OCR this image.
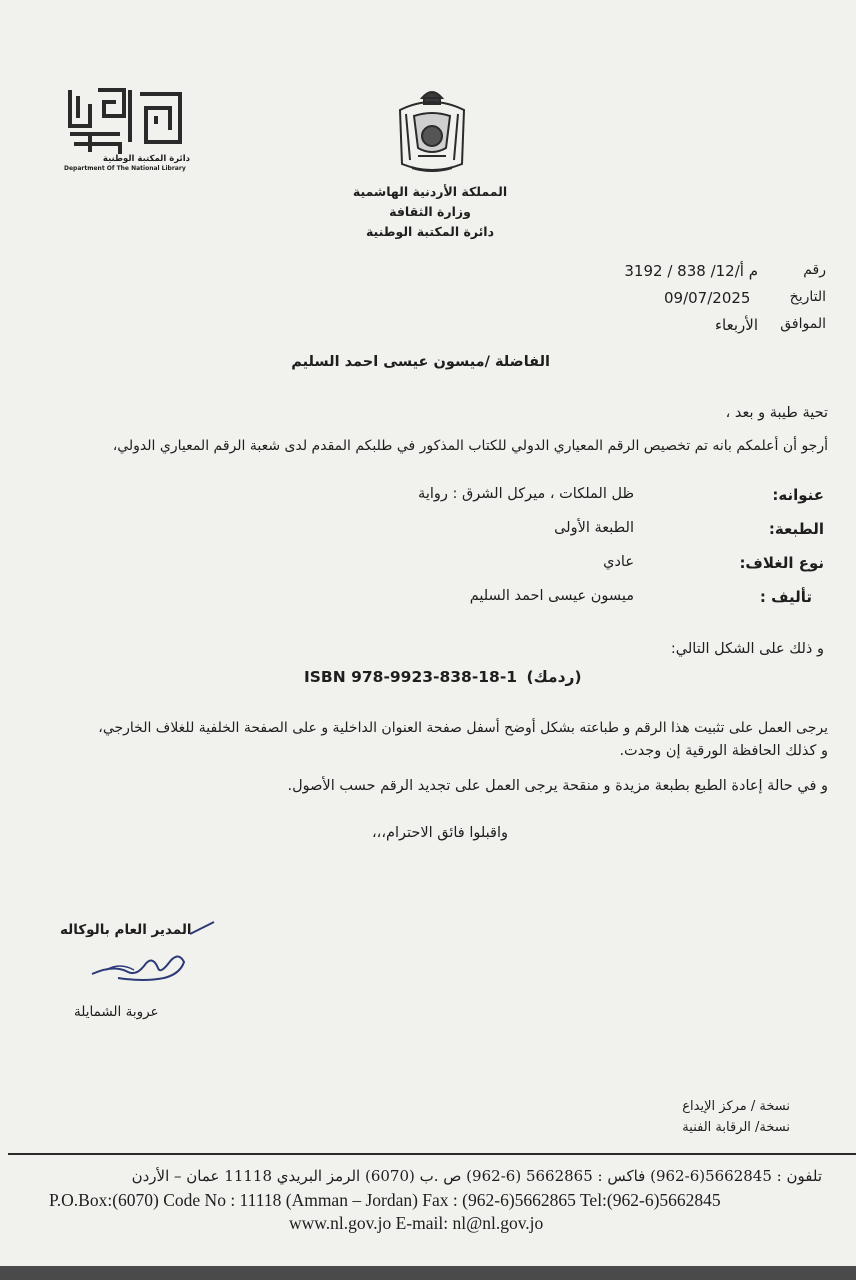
دائرة المكتبة الوطنية
Department Of The National Library
المملكة الأردنية الهاشمية
وزارة الثقافة
دائرة المكتبة الوطنية
رقم
م أ/12/ 838 / 3192
التاريخ
09/07/2025
الموافق
الأربعاء
الفاضلة /ميسون عيسى احمد السليم
تحية طيبة و بعد ،
أرجو أن أعلمكم بانه تم تخصيص الرقم المعياري الدولي للكتاب المذكور في طلبكم المقدم لدى شعبة الرقم المعياري الدولي،
عنوانه:
ظل الملكات ، ميركل الشرق : رواية
الطبعة:
الطبعة الأولى
نوع الغلاف:
عادي
تأليف :
ميسون عيسى احمد السليم
و ذلك على الشكل التالي:
ISBN 978-9923-838-18-1 (ردمك)
يرجى العمل على تثبيت هذا الرقم و طباعته بشكل أوضح أسفل صفحة العنوان الداخلية و على الصفحة الخلفية للغلاف الخارجي،
و كذلك الحافظة الورقية إن وجدت.
و في حالة إعادة الطبع بطبعة مزيدة و منقحة يرجى العمل على تجديد الرقم حسب الأصول.
واقبلوا فائق الاحترام،،،
المدير العام بالوكاله
عروبة الشمايلة
نسخة / مركز الإيداع
نسخة/ الرقابة الفنية
تلفون : 5662845(6-962) فاكس : 5662865 (6-962) ص .ب (6070) الرمز البريدي 11118 عمان – الأردن
P.O.Box:(6070) Code No : 11118 (Amman – Jordan) Fax : (962-6)5662865 Tel:(962-6)5662845
www.nl.gov.jo E-mail: nl@nl.gov.jo
